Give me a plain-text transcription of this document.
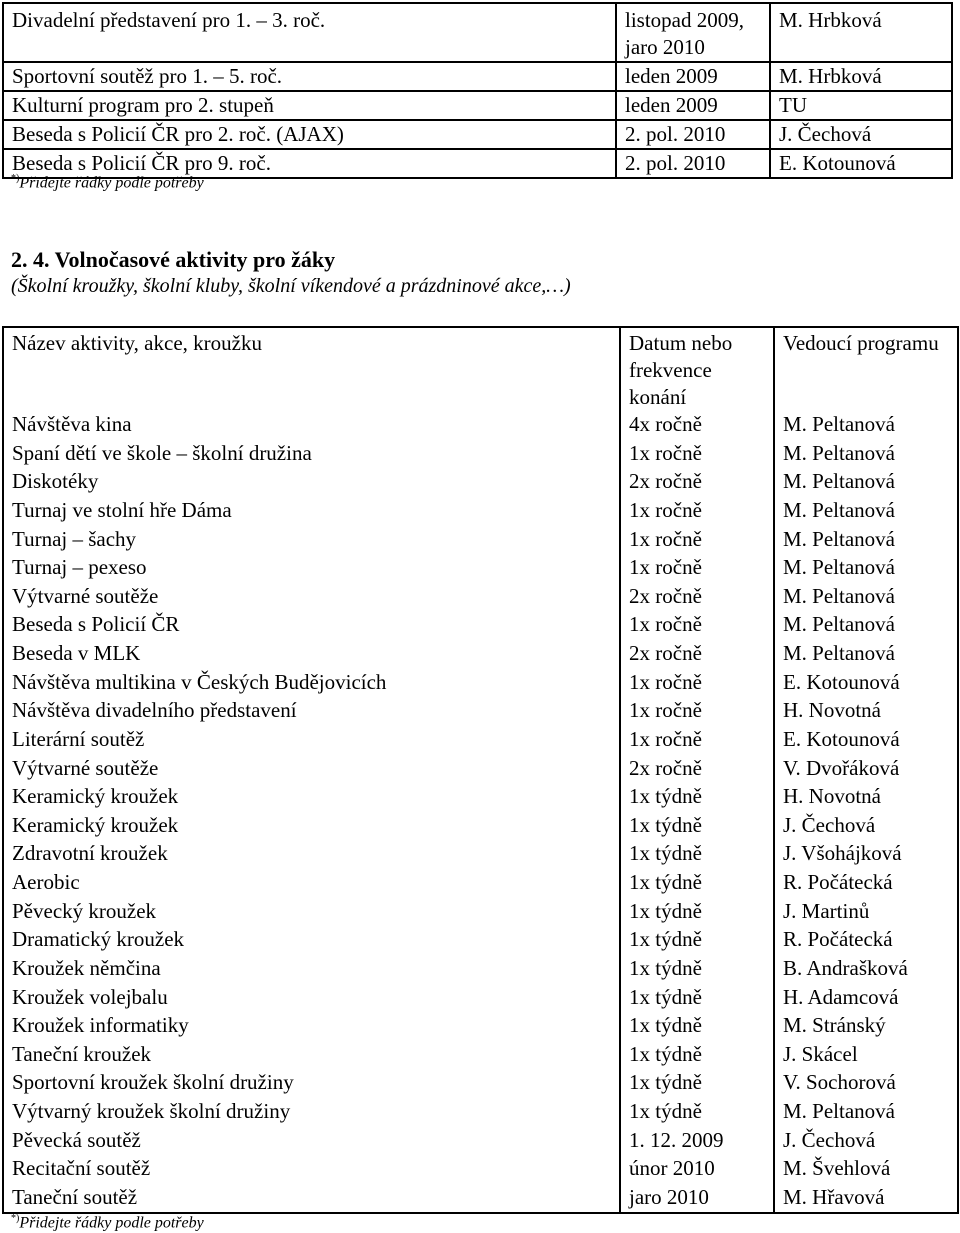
Divadelní představení pro 1. – 3. roč.	listopad 2009, jaro 2010	M. Hrbková
Sportovní soutěž pro 1. – 5. roč.	leden 2009	M. Hrbková
Kulturní program pro 2. stupeň	leden 2009	TU
Beseda s Policií ČR pro 2. roč. (AJAX)	2. pol. 2010	J. Čechová
Beseda s Policií ČR pro 9. roč.	2. pol. 2010	E. Kotounová
*)Přidejte řádky podle potřeby
2. 4. Volnočasové aktivity pro žáky
(Školní kroužky, školní kluby, školní víkendové a prázdninové akce,…)
Název aktivity, akce, kroužku	Datum nebo frekvence konání	Vedoucí programu
Návštěva kina	4x ročně	M. Peltanová
Spaní dětí ve škole – školní družina	1x ročně	M. Peltanová
Diskotéky	2x ročně	M. Peltanová
Turnaj ve stolní hře Dáma	1x ročně	M. Peltanová
Turnaj – šachy	1x ročně	M. Peltanová
Turnaj – pexeso	1x ročně	M. Peltanová
Výtvarné soutěže	2x ročně	M. Peltanová
Beseda s Policií ČR	1x ročně	M. Peltanová
Beseda v MLK	2x ročně	M. Peltanová
Návštěva multikina v Českých Budějovicích	1x ročně	E. Kotounová
Návštěva divadelního představení	1x ročně	H. Novotná
Literární soutěž	1x ročně	E. Kotounová
Výtvarné soutěže	2x ročně	V. Dvořáková
Keramický kroužek	1x týdně	H. Novotná
Keramický kroužek	1x týdně	J. Čechová
Zdravotní kroužek	1x týdně	J. Všohájková
Aerobic	1x týdně	R. Počátecká
Pěvecký kroužek	1x týdně	J. Martinů
Dramatický kroužek	1x týdně	R. Počátecká
Kroužek němčina	1x týdně	B. Andrašková
Kroužek volejbalu	1x týdně	H. Adamcová
Kroužek informatiky	1x týdně	M. Stránský
Taneční kroužek	1x týdně	J. Skácel
Sportovní kroužek školní družiny	1x týdně	V. Sochorová
Výtvarný kroužek školní družiny	1x týdně	M. Peltanová
Pěvecká soutěž	1. 12. 2009	J. Čechová
Recitační soutěž	únor 2010	M. Švehlová
Taneční soutěž	jaro 2010	M. Hřavová
*)Přidejte řádky podle potřeby
